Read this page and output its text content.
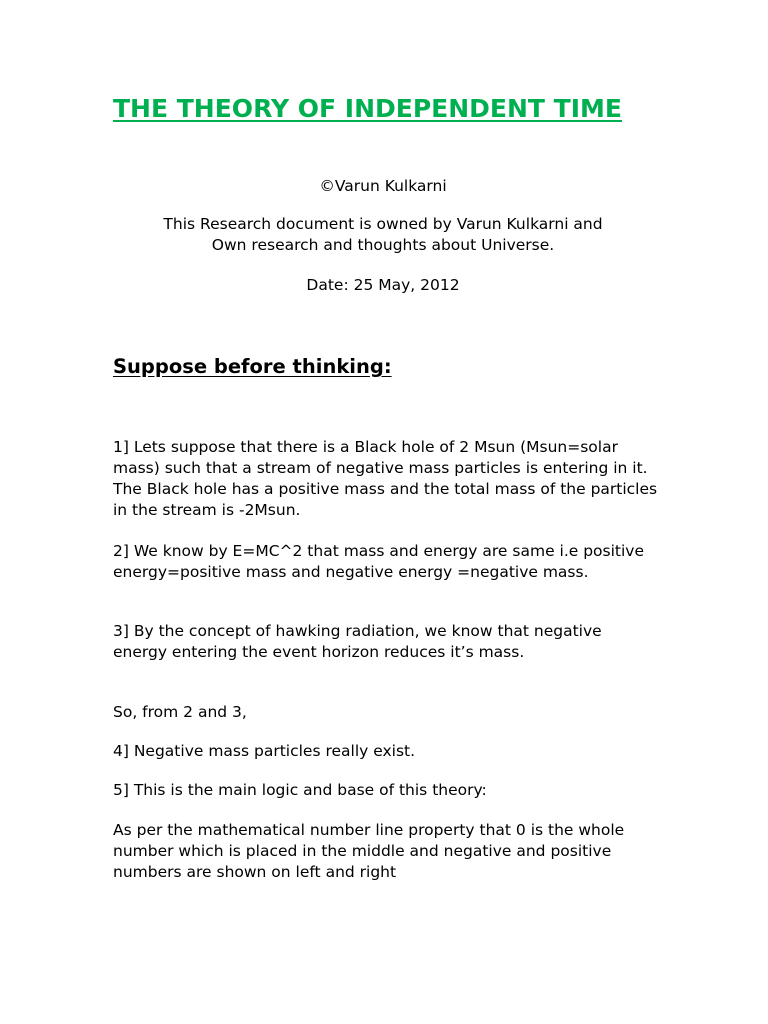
THE THEORY OF INDEPENDENT TIME

©Varun Kulkarni

This Research document is owned by Varun Kulkarni and
Own research and thoughts about Universe.

Date: 25 May, 2012

Suppose before thinking:

1] Lets suppose that there is a Black hole of 2 Msun (Msun=solar mass) such that a stream of negative mass particles is entering in it. The Black hole has a positive mass and the total mass of the particles in the stream is -2Msun.

2] We know by E=MC^2 that mass and energy are same i.e positive energy=positive mass and negative energy =negative mass.

3] By the concept of hawking radiation, we know that negative energy entering the event horizon reduces it’s mass.

So, from 2 and 3,

4] Negative mass particles really exist.

5] This is the main logic and base of this theory:

As per the mathematical number line property that 0 is the whole number which is placed in the middle and negative and positive numbers are shown on left and right
